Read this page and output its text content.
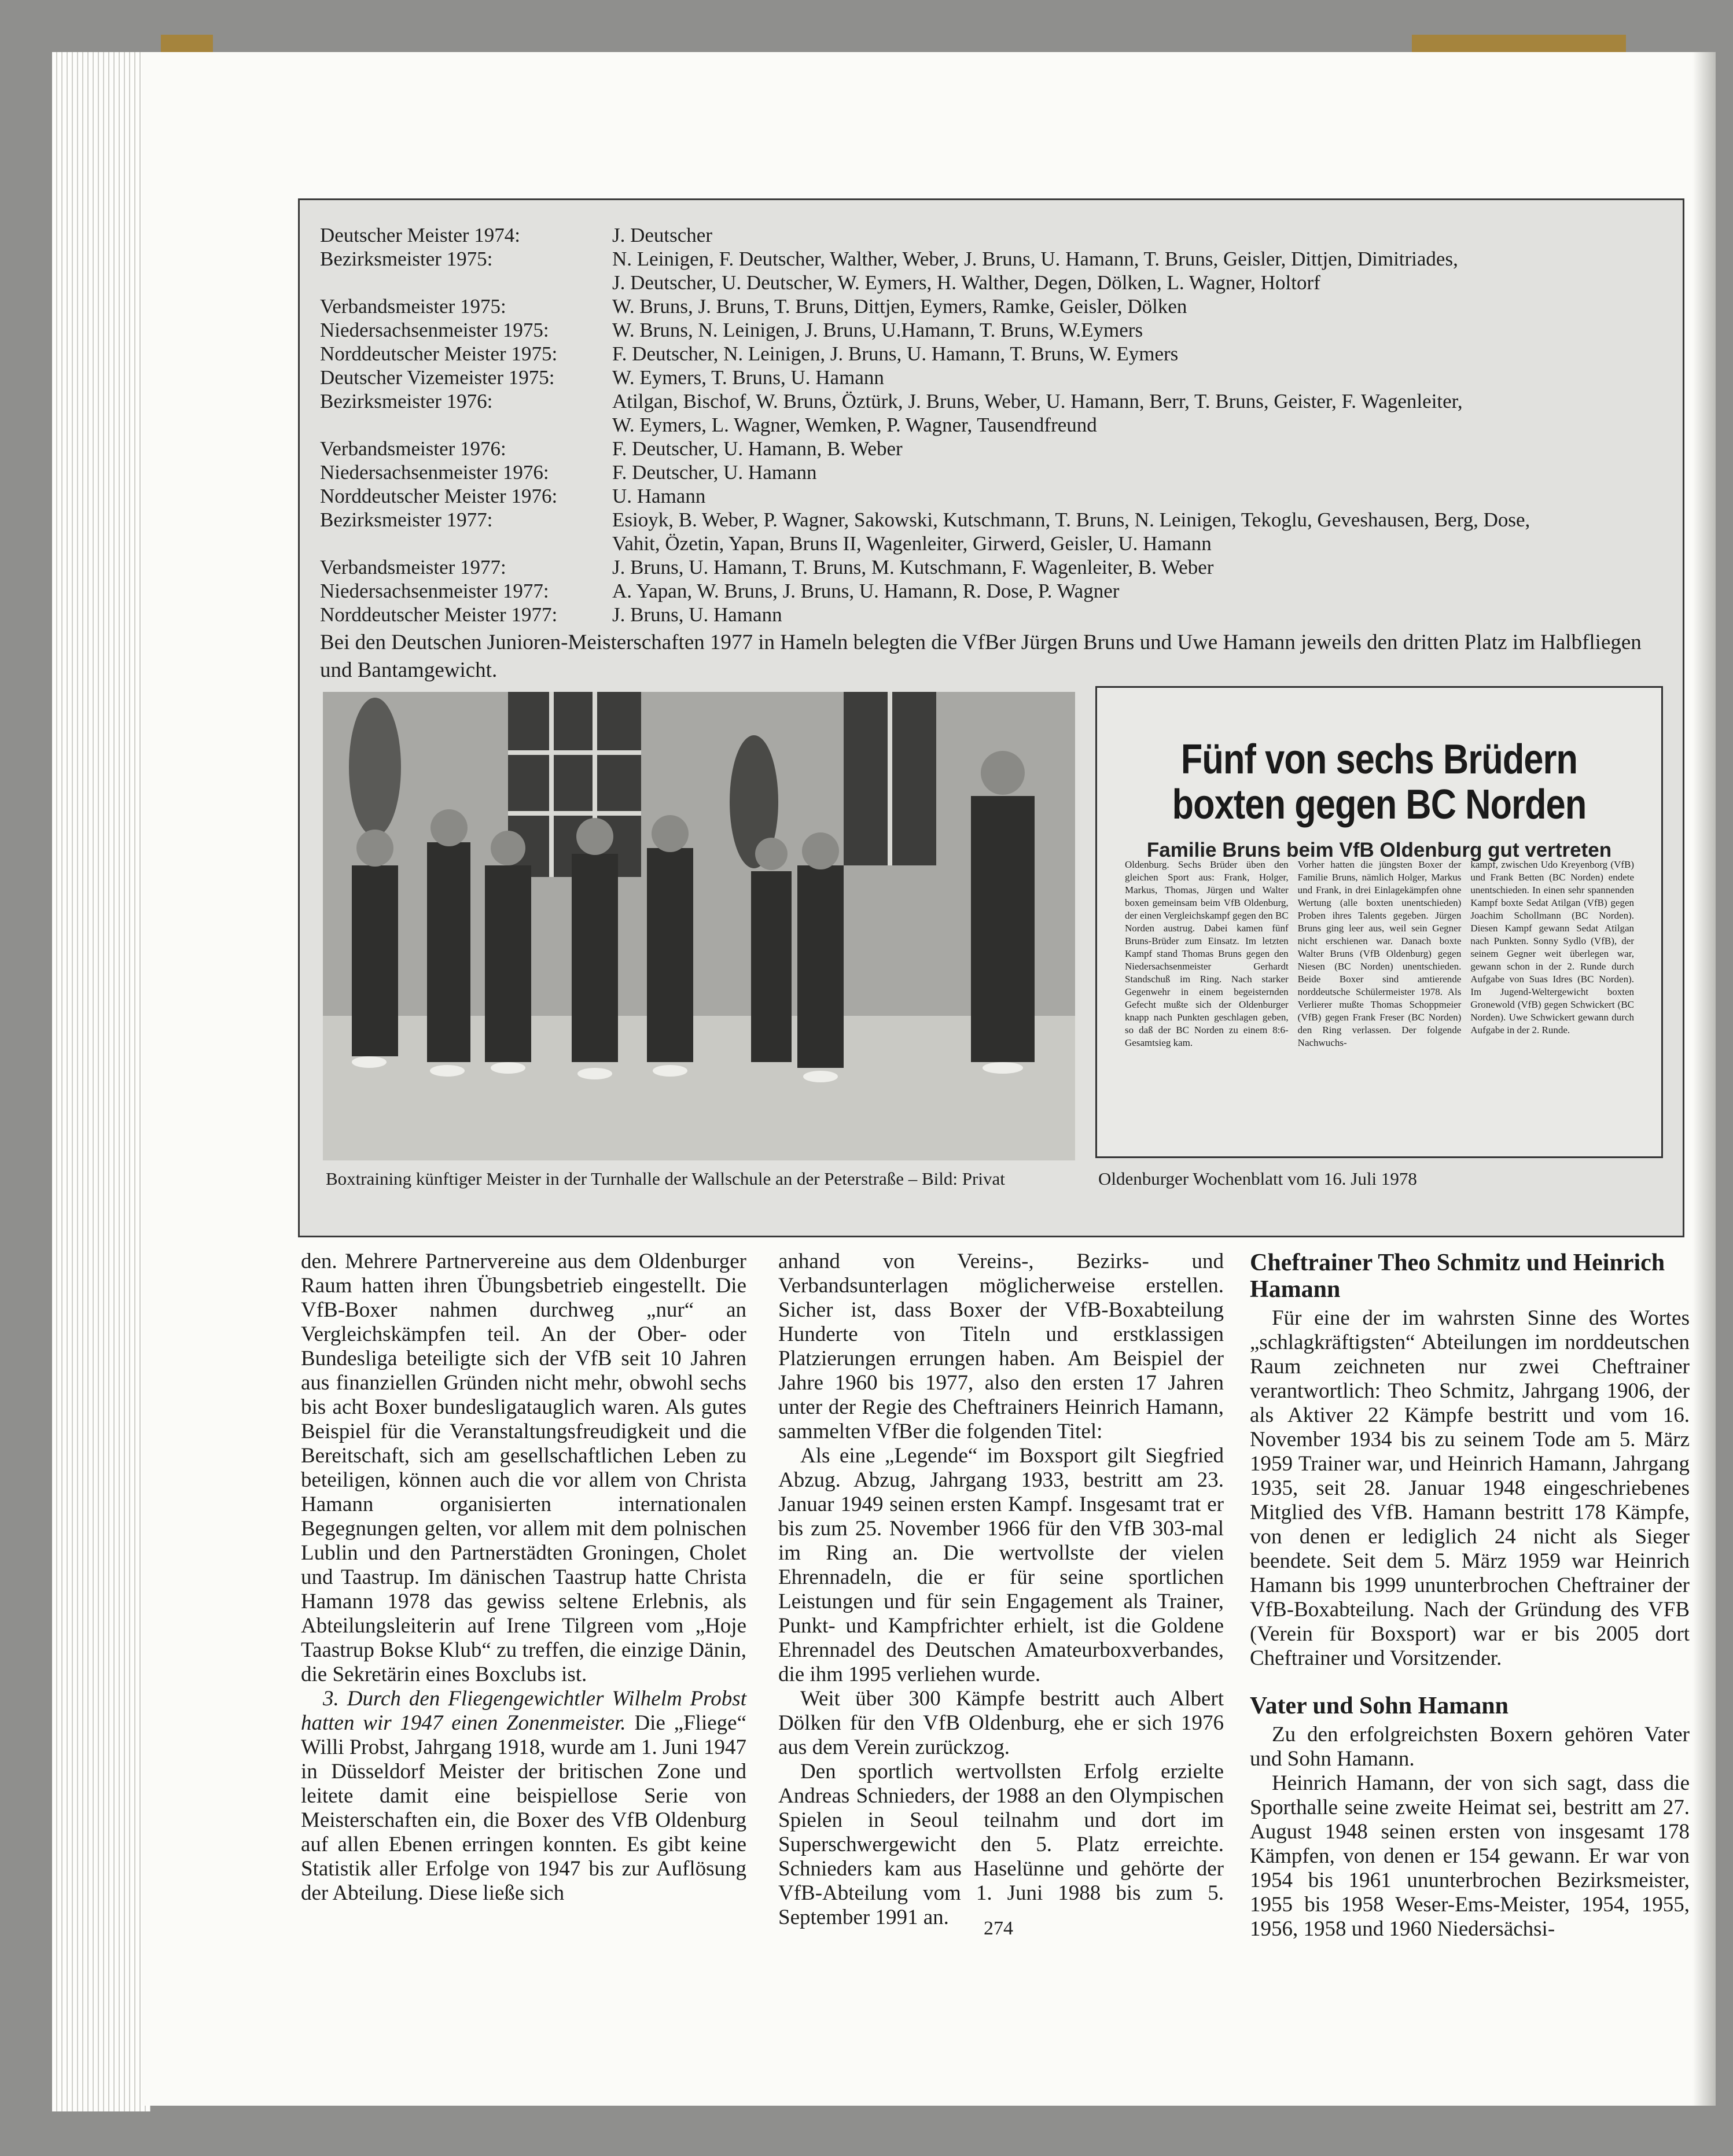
Deutscher Meister 1974:	J. Deutscher
Bezirksmeister 1975:	N. Leinigen, F. Deutscher, Walther, Weber, J. Bruns, U. Hamann, T. Bruns, Geisler, Dittjen, Dimitriades,
J. Deutscher, U. Deutscher, W. Eymers, H. Walther, Degen, Dölken, L. Wagner, Holtorf
Verbandsmeister 1975:	W. Bruns, J. Bruns, T. Bruns, Dittjen, Eymers, Ramke, Geisler, Dölken
Niedersachsenmeister 1975:	W. Bruns, N. Leinigen, J. Bruns, U.Hamann, T. Bruns, W.Eymers
Norddeutscher Meister 1975:	F. Deutscher, N. Leinigen, J. Bruns, U. Hamann, T. Bruns, W. Eymers
Deutscher Vizemeister 1975:	W. Eymers, T. Bruns, U. Hamann
Bezirksmeister 1976:	Atilgan, Bischof, W. Bruns, Öztürk, J. Bruns, Weber, U. Hamann, Berr, T. Bruns, Geister, F. Wagenleiter,
W. Eymers, L. Wagner, Wemken, P. Wagner, Tausendfreund
Verbandsmeister 1976:	F. Deutscher, U. Hamann, B. Weber
Niedersachsenmeister 1976:	F. Deutscher, U. Hamann
Norddeutscher Meister 1976:	U. Hamann
Bezirksmeister 1977:	Esioyk, B. Weber, P. Wagner, Sakowski, Kutschmann, T. Bruns, N. Leinigen, Tekoglu, Geveshausen, Berg, Dose,
Vahit, Özetin, Yapan, Bruns II, Wagenleiter, Girwerd, Geisler, U. Hamann
Verbandsmeister 1977:	J. Bruns, U. Hamann, T. Bruns, M. Kutschmann, F. Wagenleiter, B. Weber
Niedersachsenmeister 1977:	A. Yapan, W. Bruns, J. Bruns, U. Hamann, R. Dose, P. Wagner
Norddeutscher Meister 1977:	J. Bruns, U. Hamann
Bei den Deutschen Junioren-Meisterschaften 1977 in Hameln belegten die VfBer Jürgen Bruns und Uwe Hamann jeweils den dritten Platz im Halbfliegen und Bantamgewicht.
Fünf von sechs Brüdern
boxten gegen BC Norden
Familie Bruns beim VfB Oldenburg gut vertreten
Oldenburg. Sechs Brüder üben den gleichen Sport aus: Frank, Holger, Markus, Thomas, Jürgen und Walter boxen gemeinsam beim VfB Oldenburg, der einen Vergleichskampf gegen den BC Norden austrug. Dabei kamen fünf Bruns-Brüder zum Einsatz. Im letzten Kampf stand Thomas Bruns gegen den Niedersachsenmeister Gerhardt Standschuß im Ring. Nach starker Gegenwehr in einem begeisternden Gefecht mußte sich der Oldenburger knapp nach Punkten geschlagen geben, so daß der BC Norden zu einem 8:6-Gesamtsieg kam.
Vorher hatten die jüngsten Boxer der Familie Bruns, nämlich Holger, Markus und Frank, in drei Einlagekämpfen ohne Wertung (alle boxten unentschieden) Proben ihres Talents gegeben. Jürgen Bruns ging leer aus, weil sein Gegner nicht erschienen war. Danach boxte Walter Bruns (VfB Oldenburg) gegen Niesen (BC Norden) unentschieden. Beide Boxer sind amtierende norddeutsche Schülermeister 1978. Als Verlierer mußte Thomas Schoppmeier (VfB) gegen Frank Freser (BC Norden) den Ring verlassen. Der folgende Nachwuchs-
kampf, zwischen Udo Kreyenborg (VfB) und Frank Betten (BC Norden) endete unentschieden. In einen sehr spannenden Kampf boxte Sedat Atilgan (VfB) gegen Joachim Schollmann (BC Norden). Diesen Kampf gewann Sedat Atilgan nach Punkten. Sonny Sydlo (VfB), der seinem Gegner weit überlegen war, gewann schon in der 2. Runde durch Aufgabe von Suas Idres (BC Norden). Im Jugend-Weltergewicht boxten Gronewold (VfB) gegen Schwickert (BC Norden). Uwe Schwickert gewann durch Aufgabe in der 2. Runde.
Boxtraining künftiger Meister in der Turnhalle der Wallschule an der Peterstraße – Bild: Privat	Oldenburger Wochenblatt vom 16. Juli 1978

den. Mehrere Partnervereine aus dem Oldenburger Raum hatten ihren Übungsbetrieb eingestellt. Die VfB-Boxer nahmen durchweg „nur“ an Vergleichskämpfen teil. An der Ober- oder Bundesliga beteiligte sich der VfB seit 10 Jahren aus finanziellen Gründen nicht mehr, obwohl sechs bis acht Boxer bundesligatauglich waren. Als gutes Beispiel für die Veranstaltungsfreudigkeit und die Bereitschaft, sich am gesellschaftlichen Leben zu beteiligen, können auch die vor allem von Christa Hamann organisierten internationalen Begegnungen gelten, vor allem mit dem polnischen Lublin und den Partnerstädten Groningen, Cholet und Taastrup. Im dänischen Taastrup hatte Christa Hamann 1978 das gewiss seltene Erlebnis, als Abteilungsleiterin auf Irene Tilgreen vom „Hoje Taastrup Bokse Klub“ zu treffen, die einzige Dänin, die Sekretärin eines Boxclubs ist.

3. Durch den Fliegengewichtler Wilhelm Probst hatten wir 1947 einen Zonenmeister. Die „Fliege“ Willi Probst, Jahrgang 1918, wurde am 1. Juni 1947 in Düsseldorf Meister der britischen Zone und leitete damit eine beispiellose Serie von Meisterschaften ein, die Boxer des VfB Oldenburg auf allen Ebenen erringen konnten. Es gibt keine Statistik aller Erfolge von 1947 bis zur Auflösung der Abteilung. Diese ließe sich

anhand von Vereins-, Bezirks- und Verbandsunterlagen möglicherweise erstellen. Sicher ist, dass Boxer der VfB-Boxabteilung Hunderte von Titeln und erstklassigen Platzierungen errungen haben. Am Beispiel der Jahre 1960 bis 1977, also den ersten 17 Jahren unter der Regie des Cheftrainers Heinrich Hamann, sammelten VfBer die folgenden Titel:

Als eine „Legende“ im Boxsport gilt Siegfried Abzug. Abzug, Jahrgang 1933, bestritt am 23. Januar 1949 seinen ersten Kampf. Insgesamt trat er bis zum 25. November 1966 für den VfB 303-mal im Ring an. Die wertvollste der vielen Ehrennadeln, die er für seine sportlichen Leistungen und für sein Engagement als Trainer, Punkt- und Kampfrichter erhielt, ist die Goldene Ehrennadel des Deutschen Amateurboxverbandes, die ihm 1995 verliehen wurde.

Weit über 300 Kämpfe bestritt auch Albert Dölken für den VfB Oldenburg, ehe er sich 1976 aus dem Verein zurückzog.

Den sportlich wertvollsten Erfolg erzielte Andreas Schnieders, der 1988 an den Olympischen Spielen in Seoul teilnahm und dort im Superschwergewicht den 5. Platz erreichte. Schnieders kam aus Haselünne und gehörte der VfB-Abteilung vom 1. Juni 1988 bis zum 5. September 1991 an.

Cheftrainer Theo Schmitz und Heinrich Hamann

Für eine der im wahrsten Sinne des Wortes „schlagkräftigsten“ Abteilungen im norddeutschen Raum zeichneten nur zwei Cheftrainer verantwortlich: Theo Schmitz, Jahrgang 1906, der als Aktiver 22 Kämpfe bestritt und vom 16. November 1934 bis zu seinem Tode am 5. März 1959 Trainer war, und Heinrich Hamann, Jahrgang 1935, seit 28. Januar 1948 eingeschriebenes Mitglied des VfB. Hamann bestritt 178 Kämpfe, von denen er lediglich 24 nicht als Sieger beendete. Seit dem 5. März 1959 war Heinrich Hamann bis 1999 ununterbrochen Cheftrainer der VfB-Boxabteilung. Nach der Gründung des VFB (Verein für Boxsport) war er bis 2005 dort Cheftrainer und Vorsitzender.

Vater und Sohn Hamann

Zu den erfolgreichsten Boxern gehören Vater und Sohn Hamann.

Heinrich Hamann, der von sich sagt, dass die Sporthalle seine zweite Heimat sei, bestritt am 27. August 1948 seinen ersten von insgesamt 178 Kämpfen, von denen er 154 gewann. Er war von 1954 bis 1961 ununterbrochen Bezirksmeister, 1955 bis 1958 Weser-Ems-Meister, 1954, 1955, 1956, 1958 und 1960 Niedersächsi-

274
